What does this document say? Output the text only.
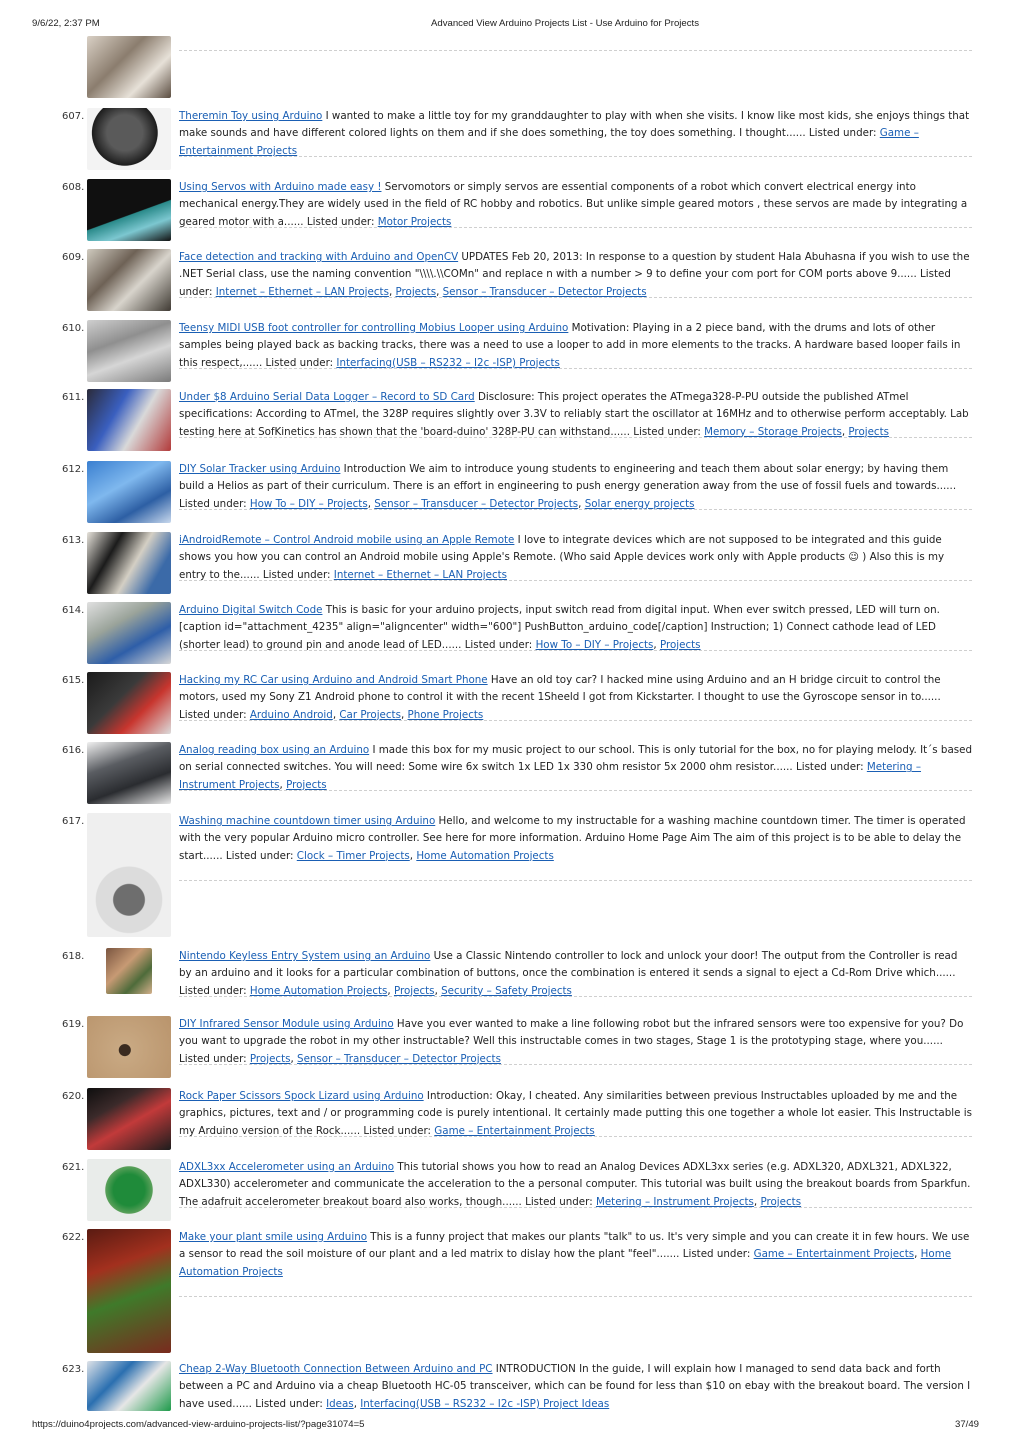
9/6/22, 2:37 PM	Advanced View Arduino Projects List - Use Arduino for Projects
607.	Theremin Toy using Arduino I wanted to make a little toy for my granddaughter to play with when she visits. I know like most kids, she enjoys things that make sounds and have different colored lights on them and if she does something, the toy does something. I thought...... Listed under: Game – Entertainment Projects
608.	Using Servos with Arduino made easy ! Servomotors or simply servos are essential components of a robot which convert electrical energy into mechanical energy.They are widely used in the field of RC hobby and robotics. But unlike simple geared motors , these servos are made by integrating a geared motor with a...... Listed under: Motor Projects
609.	Face detection and tracking with Arduino and OpenCV UPDATES Feb 20, 2013: In response to a question by student Hala Abuhasna if you wish to use the .NET Serial class, use the naming convention "\\\\.\\COMn" and replace n with a number > 9 to define your com port for COM ports above 9...... Listed under: Internet – Ethernet – LAN Projects, Projects, Sensor – Transducer – Detector Projects
610.	Teensy MIDI USB foot controller for controlling Mobius Looper using Arduino Motivation: Playing in a 2 piece band, with the drums and lots of other samples being played back as backing tracks, there was a need to use a looper to add in more elements to the tracks. A hardware based looper fails in this respect,...... Listed under: Interfacing(USB – RS232 – I2c -ISP) Projects
611.	Under $8 Arduino Serial Data Logger – Record to SD Card Disclosure: This project operates the ATmega328-P-PU outside the published ATmel specifications: According to ATmel, the 328P requires slightly over 3.3V to reliably start the oscillator at 16MHz and to otherwise perform acceptably. Lab testing here at SofKinetics has shown that the 'board-duino' 328P-PU can withstand...... Listed under: Memory – Storage Projects, Projects
612.	DIY Solar Tracker using Arduino Introduction We aim to introduce young students to engineering and teach them about solar energy; by having them build a Helios as part of their curriculum. There is an effort in engineering to push energy generation away from the use of fossil fuels and towards...... Listed under: How To – DIY – Projects, Sensor – Transducer – Detector Projects, Solar energy projects
613.	iAndroidRemote – Control Android mobile using an Apple Remote I love to integrate devices which are not supposed to be integrated and this guide shows you how you can control an Android mobile using Apple's Remote. (Who said Apple devices work only with Apple products 😉 ) Also this is my entry to the...... Listed under: Internet – Ethernet – LAN Projects
614.	Arduino Digital Switch Code This is basic for your arduino projects, input switch read from digital input. When ever switch pressed, LED will turn on. [caption id="attachment_4235" align="aligncenter" width="600"] PushButton_arduino_code[/caption] Instruction; 1) Connect cathode lead of LED (shorter lead) to ground pin and anode lead of LED...... Listed under: How To – DIY – Projects, Projects
615.	Hacking my RC Car using Arduino and Android Smart Phone Have an old toy car? I hacked mine using Arduino and an H bridge circuit to control the motors, used my Sony Z1 Android phone to control it with the recent 1Sheeld I got from Kickstarter. I thought to use the Gyroscope sensor in to...... Listed under: Arduino Android, Car Projects, Phone Projects
616.	Analog reading box using an Arduino I made this box for my music project to our school. This is only tutorial for the box, no for playing melody. It´s based on serial connected switches. You will need: Some wire 6x switch 1x LED 1x 330 ohm resistor 5x 2000 ohm resistor...... Listed under: Metering – Instrument Projects, Projects
617.	Washing machine countdown timer using Arduino Hello, and welcome to my instructable for a washing machine countdown timer. The timer is operated with the very popular Arduino micro controller. See here for more information. Arduino Home Page Aim The aim of this project is to be able to delay the start...... Listed under: Clock – Timer Projects, Home Automation Projects
618.	Nintendo Keyless Entry System using an Arduino Use a Classic Nintendo controller to lock and unlock your door! The output from the Controller is read by an arduino and it looks for a particular combination of buttons, once the combination is entered it sends a signal to eject a Cd-Rom Drive which...... Listed under: Home Automation Projects, Projects, Security – Safety Projects
619.	DIY Infrared Sensor Module using Arduino Have you ever wanted to make a line following robot but the infrared sensors were too expensive for you? Do you want to upgrade the robot in my other instructable? Well this instructable comes in two stages, Stage 1 is the prototyping stage, where you...... Listed under: Projects, Sensor – Transducer – Detector Projects
620.	Rock Paper Scissors Spock Lizard using Arduino Introduction: Okay, I cheated. Any similarities between previous Instructables uploaded by me and the graphics, pictures, text and / or programming code is purely intentional. It certainly made putting this one together a whole lot easier. This Instructable is my Arduino version of the Rock...... Listed under: Game – Entertainment Projects
621.	ADXL3xx Accelerometer using an Arduino This tutorial shows you how to read an Analog Devices ADXL3xx series (e.g. ADXL320, ADXL321, ADXL322, ADXL330) accelerometer and communicate the acceleration to the a personal computer. This tutorial was built using the breakout boards from Sparkfun. The adafruit accelerometer breakout board also works, though...... Listed under: Metering – Instrument Projects, Projects
622.	Make your plant smile using Arduino This is a funny project that makes our plants "talk" to us. It's very simple and you can create it in few hours. We use a sensor to read the soil moisture of our plant and a led matrix to dislay how the plant "feel"....... Listed under: Game – Entertainment Projects, Home Automation Projects
623.	Cheap 2-Way Bluetooth Connection Between Arduino and PC INTRODUCTION In the guide, I will explain how I managed to send data back and forth between a PC and Arduino via a cheap Bluetooth HC-05 transceiver, which can be found for less than $10 on ebay with the breakout board. The version I have used...... Listed under: Ideas, Interfacing(USB – RS232 – I2c -ISP) Project Ideas
https://duino4projects.com/advanced-view-arduino-projects-list/?page31074=5	37/49
